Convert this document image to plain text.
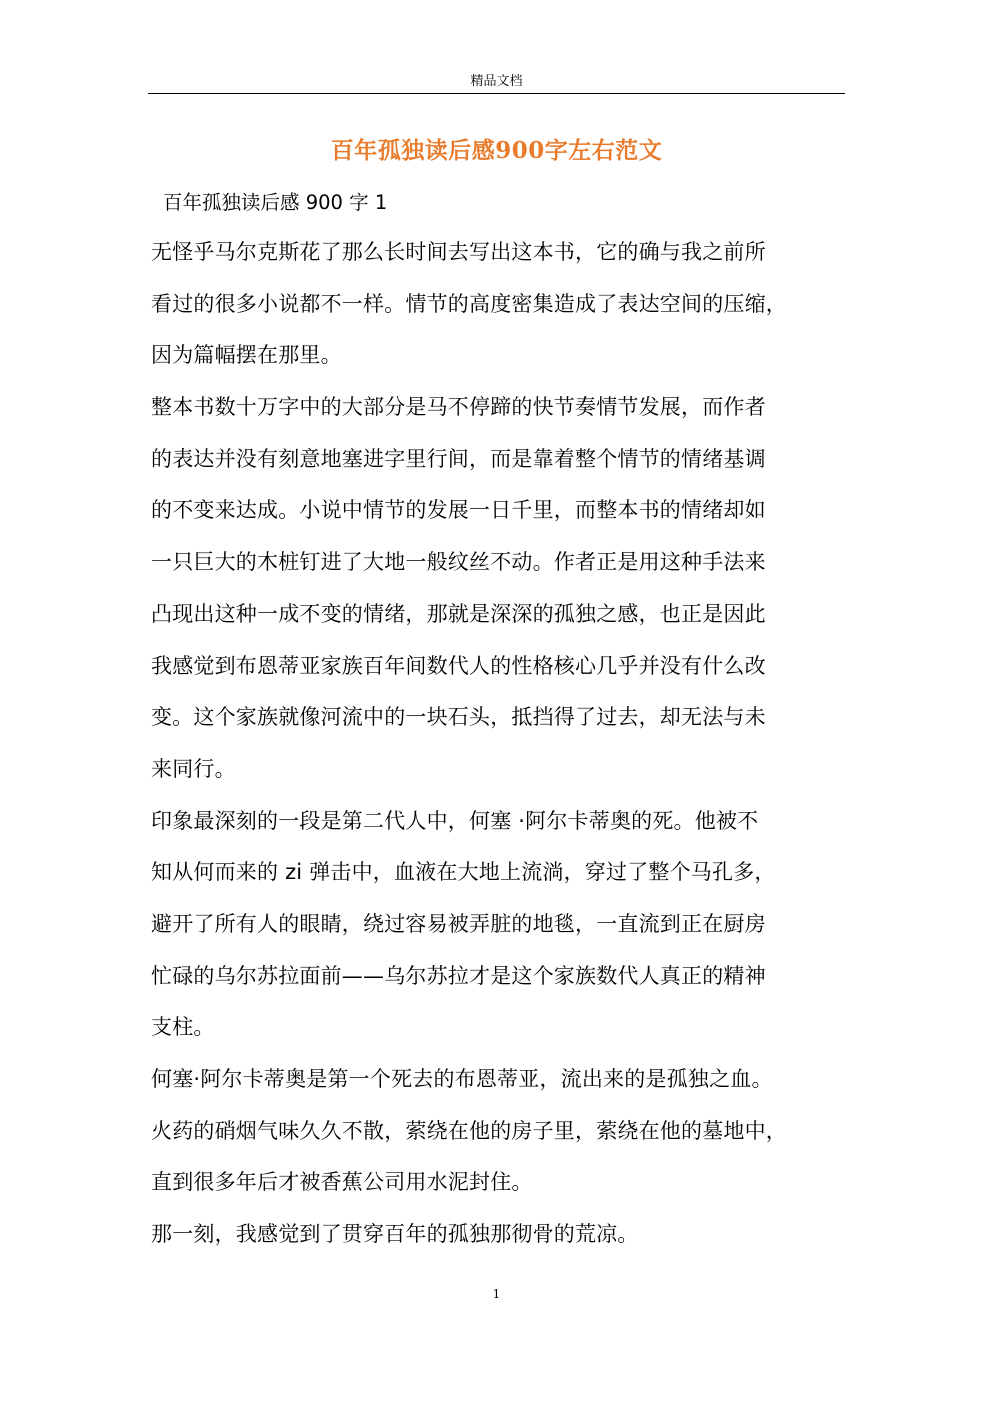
精品文档
百年孤独读后感900字左右范文
百年孤独读后感 900 字 1
无怪乎马尔克斯花了那么长时间去写出这本书，它的确与我之前所
看过的很多小说都不一样。情节的高度密集造成了表达空间的压缩，
因为篇幅摆在那里。
整本书数十万字中的大部分是马不停蹄的快节奏情节发展，而作者
的表达并没有刻意地塞进字里行间，而是靠着整个情节的情绪基调
的不变来达成。小说中情节的发展一日千里，而整本书的情绪却如
一只巨大的木桩钉进了大地一般纹丝不动。作者正是用这种手法来
凸现出这种一成不变的情绪，那就是深深的孤独之感，也正是因此
我感觉到布恩蒂亚家族百年间数代人的性格核心几乎并没有什么改
变。这个家族就像河流中的一块石头，抵挡得了过去，却无法与未
来同行。
印象最深刻的一段是第二代人中，何塞 ·阿尔卡蒂奥的死。他被不
知从何而来的 zi 弹击中，血液在大地上流淌，穿过了整个马孔多，
避开了所有人的眼睛，绕过容易被弄脏的地毯，一直流到正在厨房
忙碌的乌尔苏拉面前——乌尔苏拉才是这个家族数代人真正的精神
支柱。
何塞·阿尔卡蒂奥是第一个死去的布恩蒂亚，流出来的是孤独之血。
火药的硝烟气味久久不散，萦绕在他的房子里，萦绕在他的墓地中，
直到很多年后才被香蕉公司用水泥封住。
那一刻，我感觉到了贯穿百年的孤独那彻骨的荒凉。
1
